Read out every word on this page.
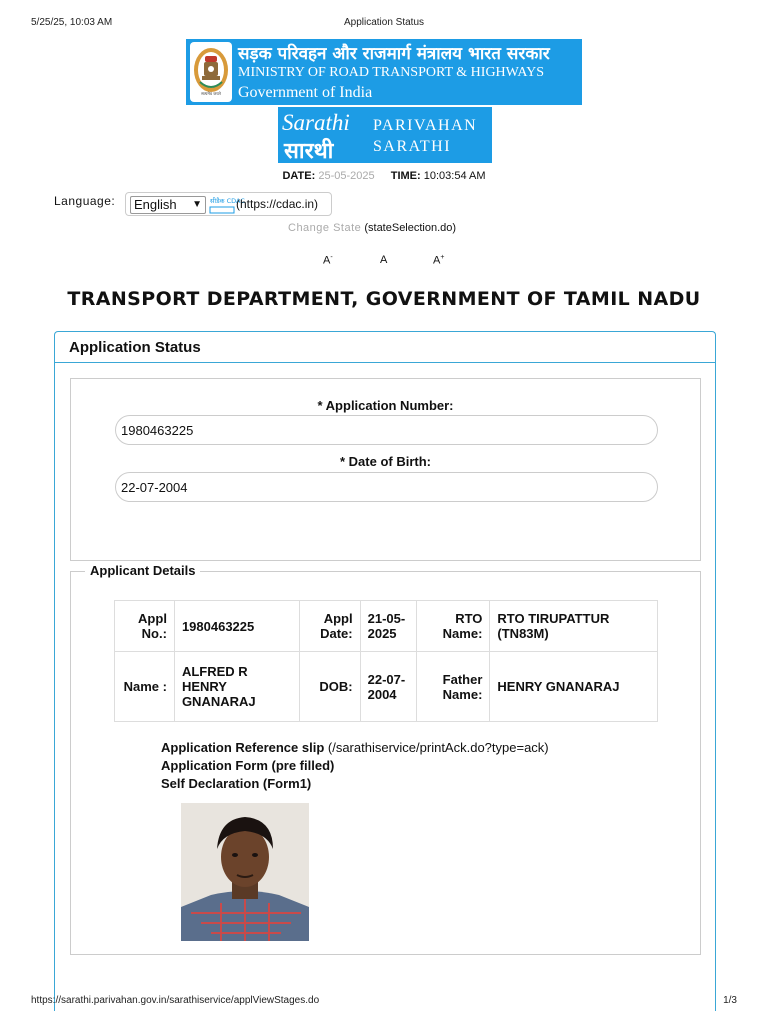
5/25/25, 10:03 AM	Application Status
सत्यमेव जयते
सड़क परिवहन और राजमार्ग मंत्रालय भारत सरकार
MINISTRY OF ROAD TRANSPORT & HIGHWAYS
Government of India
Sarathi
सारथी
PARIVAHAN
SARATHI
DATE: 25-05-2025 TIME: 10:03:54 AM
Language:	English ▼ सीडैक CDAC
(https://cdac.in)
Change State (stateSelection.do)
A-	A	A+
TRANSPORT DEPARTMENT, GOVERNMENT OF TAMIL NADU
Application Status
* Application Number:
1980463225
* Date of Birth:
22-07-2004
Applicant Details
Appl No.:	1980463225	Appl Date:	21-05-2025	RTO Name:	RTO TIRUPATTUR (TN83M)
Name :	ALFRED R HENRY GNANARAJ	DOB:	22-07-2004	Father Name:	HENRY GNANARAJ
Application Reference slip (/sarathiservice/printAck.do?type=ack)
Application Form (pre filled)
Self Declaration (Form1)
https://sarathi.parivahan.gov.in/sarathiservice/applViewStages.do	1/3
